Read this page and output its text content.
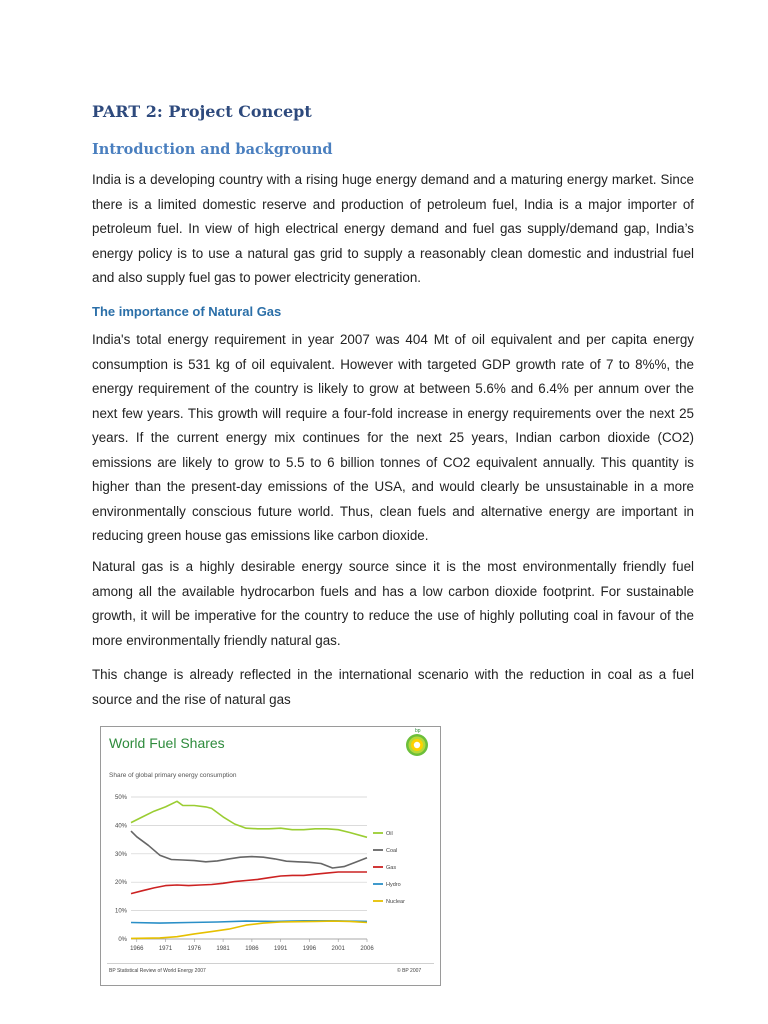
PART 2: Project Concept
Introduction and background

India is a developing country with a rising huge energy demand and a maturing energy market. Since there is a limited domestic reserve and production of petroleum fuel, India is a major importer of petroleum fuel. In view of high electrical energy demand and fuel gas supply/demand gap, India’s energy policy is to use a natural gas grid to supply a reasonably clean domestic and industrial fuel and also supply fuel gas to power electricity generation.

The importance of Natural Gas

India's total energy requirement in year 2007 was 404 Mt of oil equivalent and per capita energy consumption is 531 kg of oil equivalent. However with targeted GDP growth rate of 7 to 8%%, the energy requirement of the country is likely to grow at between 5.6% and 6.4% per annum over the next few years. This growth will require a four-fold increase in energy requirements over the next 25 years. If the current energy mix continues for the next 25 years, Indian carbon dioxide (CO2) emissions are likely to grow to 5.5 to 6 billion tonnes of CO2 equivalent annually. This quantity is higher than the present-day emissions of the USA, and would clearly be unsustainable in a more environmentally conscious future world. Thus, clean fuels and alternative energy are important in reducing green house gas emissions like carbon dioxide.

Natural gas is a highly desirable energy source since it is the most environmentally friendly fuel among all the available hydrocarbon fuels and has a low carbon dioxide footprint. For sustainable growth, it will be imperative for the country to reduce the use of highly polluting coal in favour of the more environmentally friendly natural gas.

This change is already reflected in the international scenario with the reduction in coal as a fuel source and the rise of natural gas

World Fuel Shares
bp
Share of global primary energy consumption
0%
10%
20%
30%
40%
50%
1966	1971	1976	1981	1986	1991	1996	2001	2006
Oil
Coal
Gas
Hydro
Nuclear
BP Statistical Review of World Energy 2007	© BP 2007
